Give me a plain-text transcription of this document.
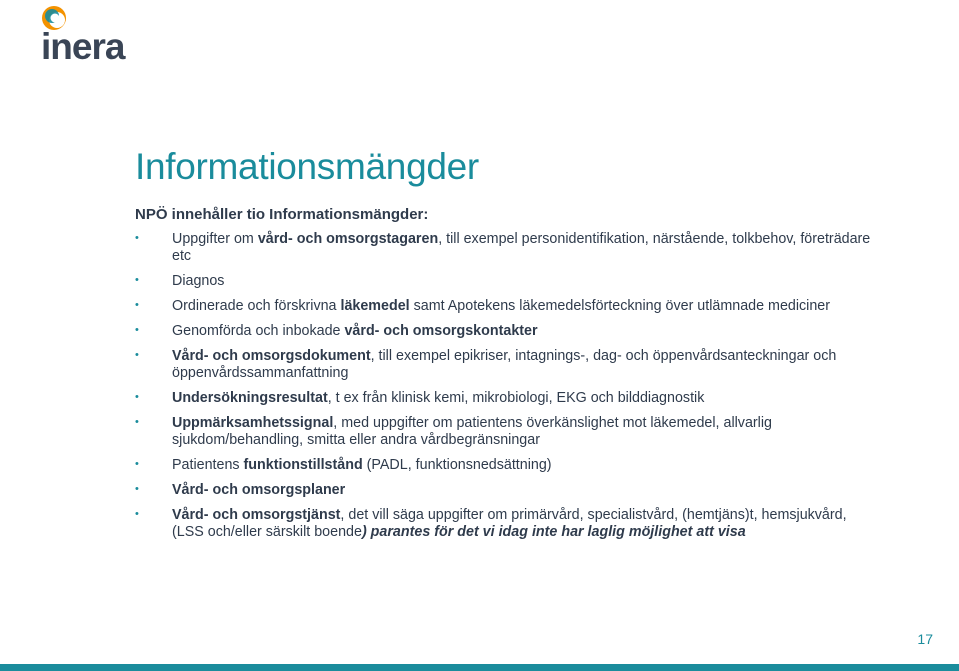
inera
Informationsmängder

NPÖ innehåller tio Informationsmängder:

• Uppgifter om vård- och omsorgstagaren, till exempel personidentifikation, närstående, tolkbehov, företrädare etc
• Diagnos
• Ordinerade och förskrivna läkemedel samt Apotekens läkemedelsförteckning över utlämnade mediciner
• Genomförda och inbokade vård- och omsorgskontakter
• Vård- och omsorgsdokument, till exempel epikriser, intagnings-, dag- och öppenvårdsanteckningar och öppenvårdssammanfattning
• Undersökningsresultat, t ex från klinisk kemi, mikrobiologi, EKG och bilddiagnostik
• Uppmärksamhetssignal, med uppgifter om patientens överkänslighet mot läkemedel, allvarlig sjukdom/behandling, smitta eller andra vårdbegränsningar
• Patientens funktionstillstånd (PADL, funktionsnedsättning)
• Vård- och omsorgsplaner
• Vård- och omsorgstjänst, det vill säga uppgifter om primärvård, specialistvård, (hemtjäns)t, hemsjukvård,(LSS och/eller särskilt boende) parantes för det vi idag inte har laglig möjlighet att visa
17
